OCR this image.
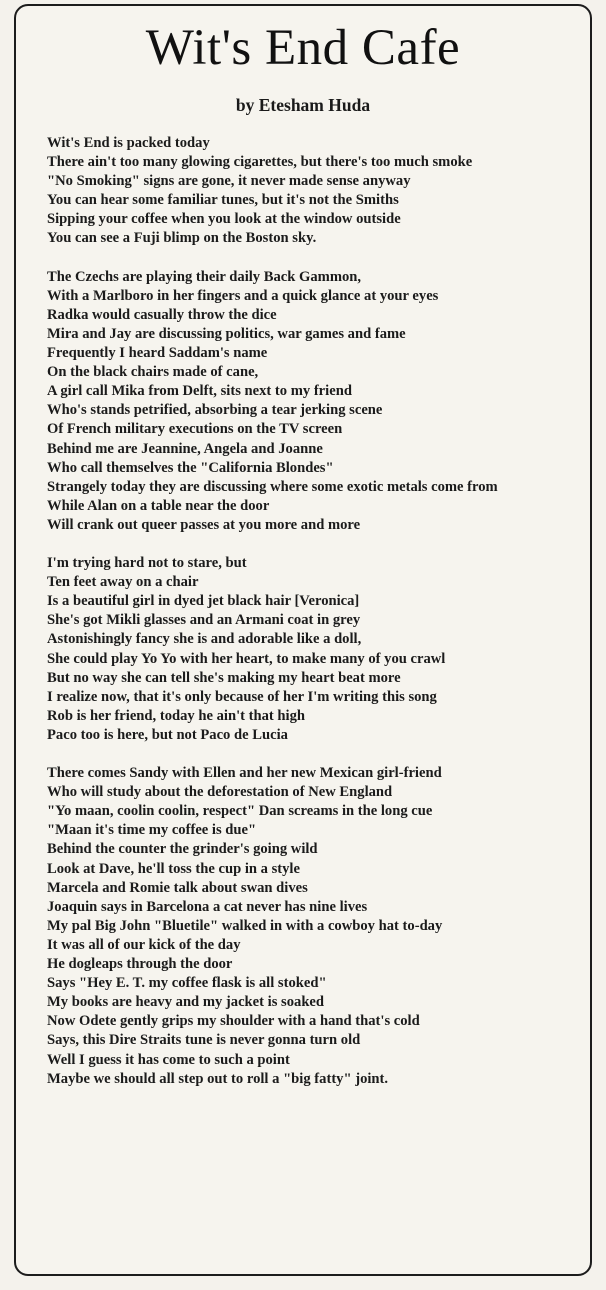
Wit's End Cafe
by Etesham Huda
Wit's End is packed today
There ain't too many glowing cigarettes, but there's too much smoke
"No Smoking" signs are gone, it never made sense anyway
You can hear some familiar tunes, but it's not the Smiths
Sipping your coffee when you look at the window outside
You can see a Fuji blimp on the Boston sky.
The Czechs are playing their daily Back Gammon,
With a Marlboro in her fingers and a quick glance at your eyes
Radka would casually throw the dice
Mira and Jay are discussing politics, war games and fame
Frequently I heard Saddam's name
On the black chairs made of cane,
A girl call Mika from Delft, sits next to my friend
Who's stands petrified, absorbing a tear jerking scene
Of French military executions on the TV screen
Behind me are Jeannine, Angela and Joanne
Who call themselves the "California Blondes"
Strangely today they are discussing where some exotic metals come from
While Alan on a table near the door
Will crank out queer passes at you more and more
I'm trying hard not to stare, but
Ten feet away on a chair
Is a beautiful girl in dyed jet black hair [Veronica]
She's got Mikli glasses and an Armani coat in grey
Astonishingly fancy she is and adorable like a doll,
She could play Yo Yo with her heart, to make many of you crawl
But no way she can tell she's making my heart beat more
I realize now, that it's only because of her I'm writing this song
Rob is her friend, today he ain't that high
Paco too is here, but not Paco de Lucia
There comes Sandy with Ellen and her new Mexican girl-friend
Who will study about the deforestation of New England
"Yo maan, coolin coolin, respect" Dan screams in the long cue
"Maan it's time my coffee is due"
Behind the counter the grinder's going wild
Look at Dave, he'll toss the cup in a style
Marcela and Romie talk about swan dives
Joaquin says in Barcelona a cat never has nine lives
My pal Big John "Bluetile" walked in with a cowboy hat to-day
It was all of our kick of the day
He dogleaps through the door
Says "Hey E. T. my coffee flask is all stoked"
My books are heavy and my jacket is soaked
Now Odete gently grips my shoulder with a hand that's cold
Says, this Dire Straits tune is never gonna turn old
Well I guess it has come to such a point
Maybe we should all step out to roll a "big fatty" joint.
